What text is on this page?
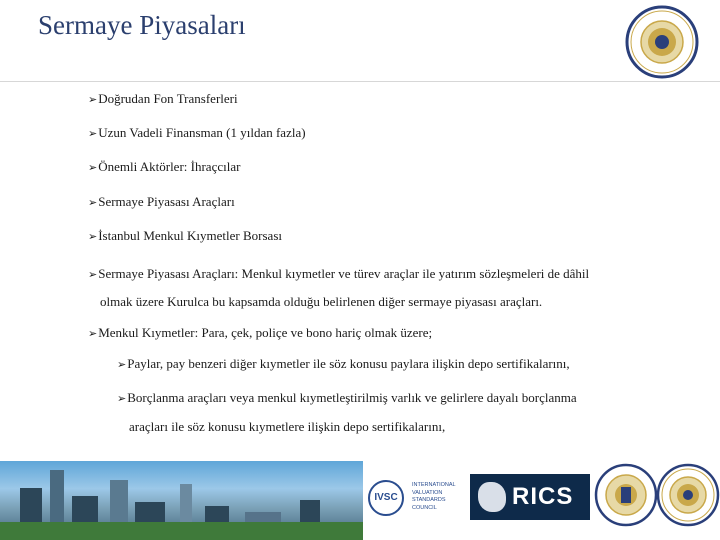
Sermaye Piyasaları
➢Doğrudan Fon Transferleri
➢Uzun Vadeli Finansman (1 yıldan fazla)
➢Önemli Aktörler: İhraçcılar
➢Sermaye Piyasası Araçları
➢İstanbul Menkul Kıymetler Borsası
➢Sermaye Piyasası Araçları: Menkul kıymetler ve türev araçlar ile yatırım sözleşmeleri de dâhil
olmak üzere Kurulca bu kapsamda olduğu belirlenen diğer sermaye piyasası araçları.
➢Menkul Kıymetler: Para, çek, poliçe ve bono hariç olmak üzere;
➢Paylar, pay benzeri diğer kıymetler ile söz konusu paylara ilişkin depo sertifikalarını,
➢Borçlanma araçları veya menkul kıymetleştirilmiş varlık ve gelirlere dayalı borçlanma
araçları ile söz konusu kıymetlere ilişkin depo sertifikalarını,
IVSC
INTERNATIONAL
VALUATION
STANDARDS
COUNCIL	RICS
